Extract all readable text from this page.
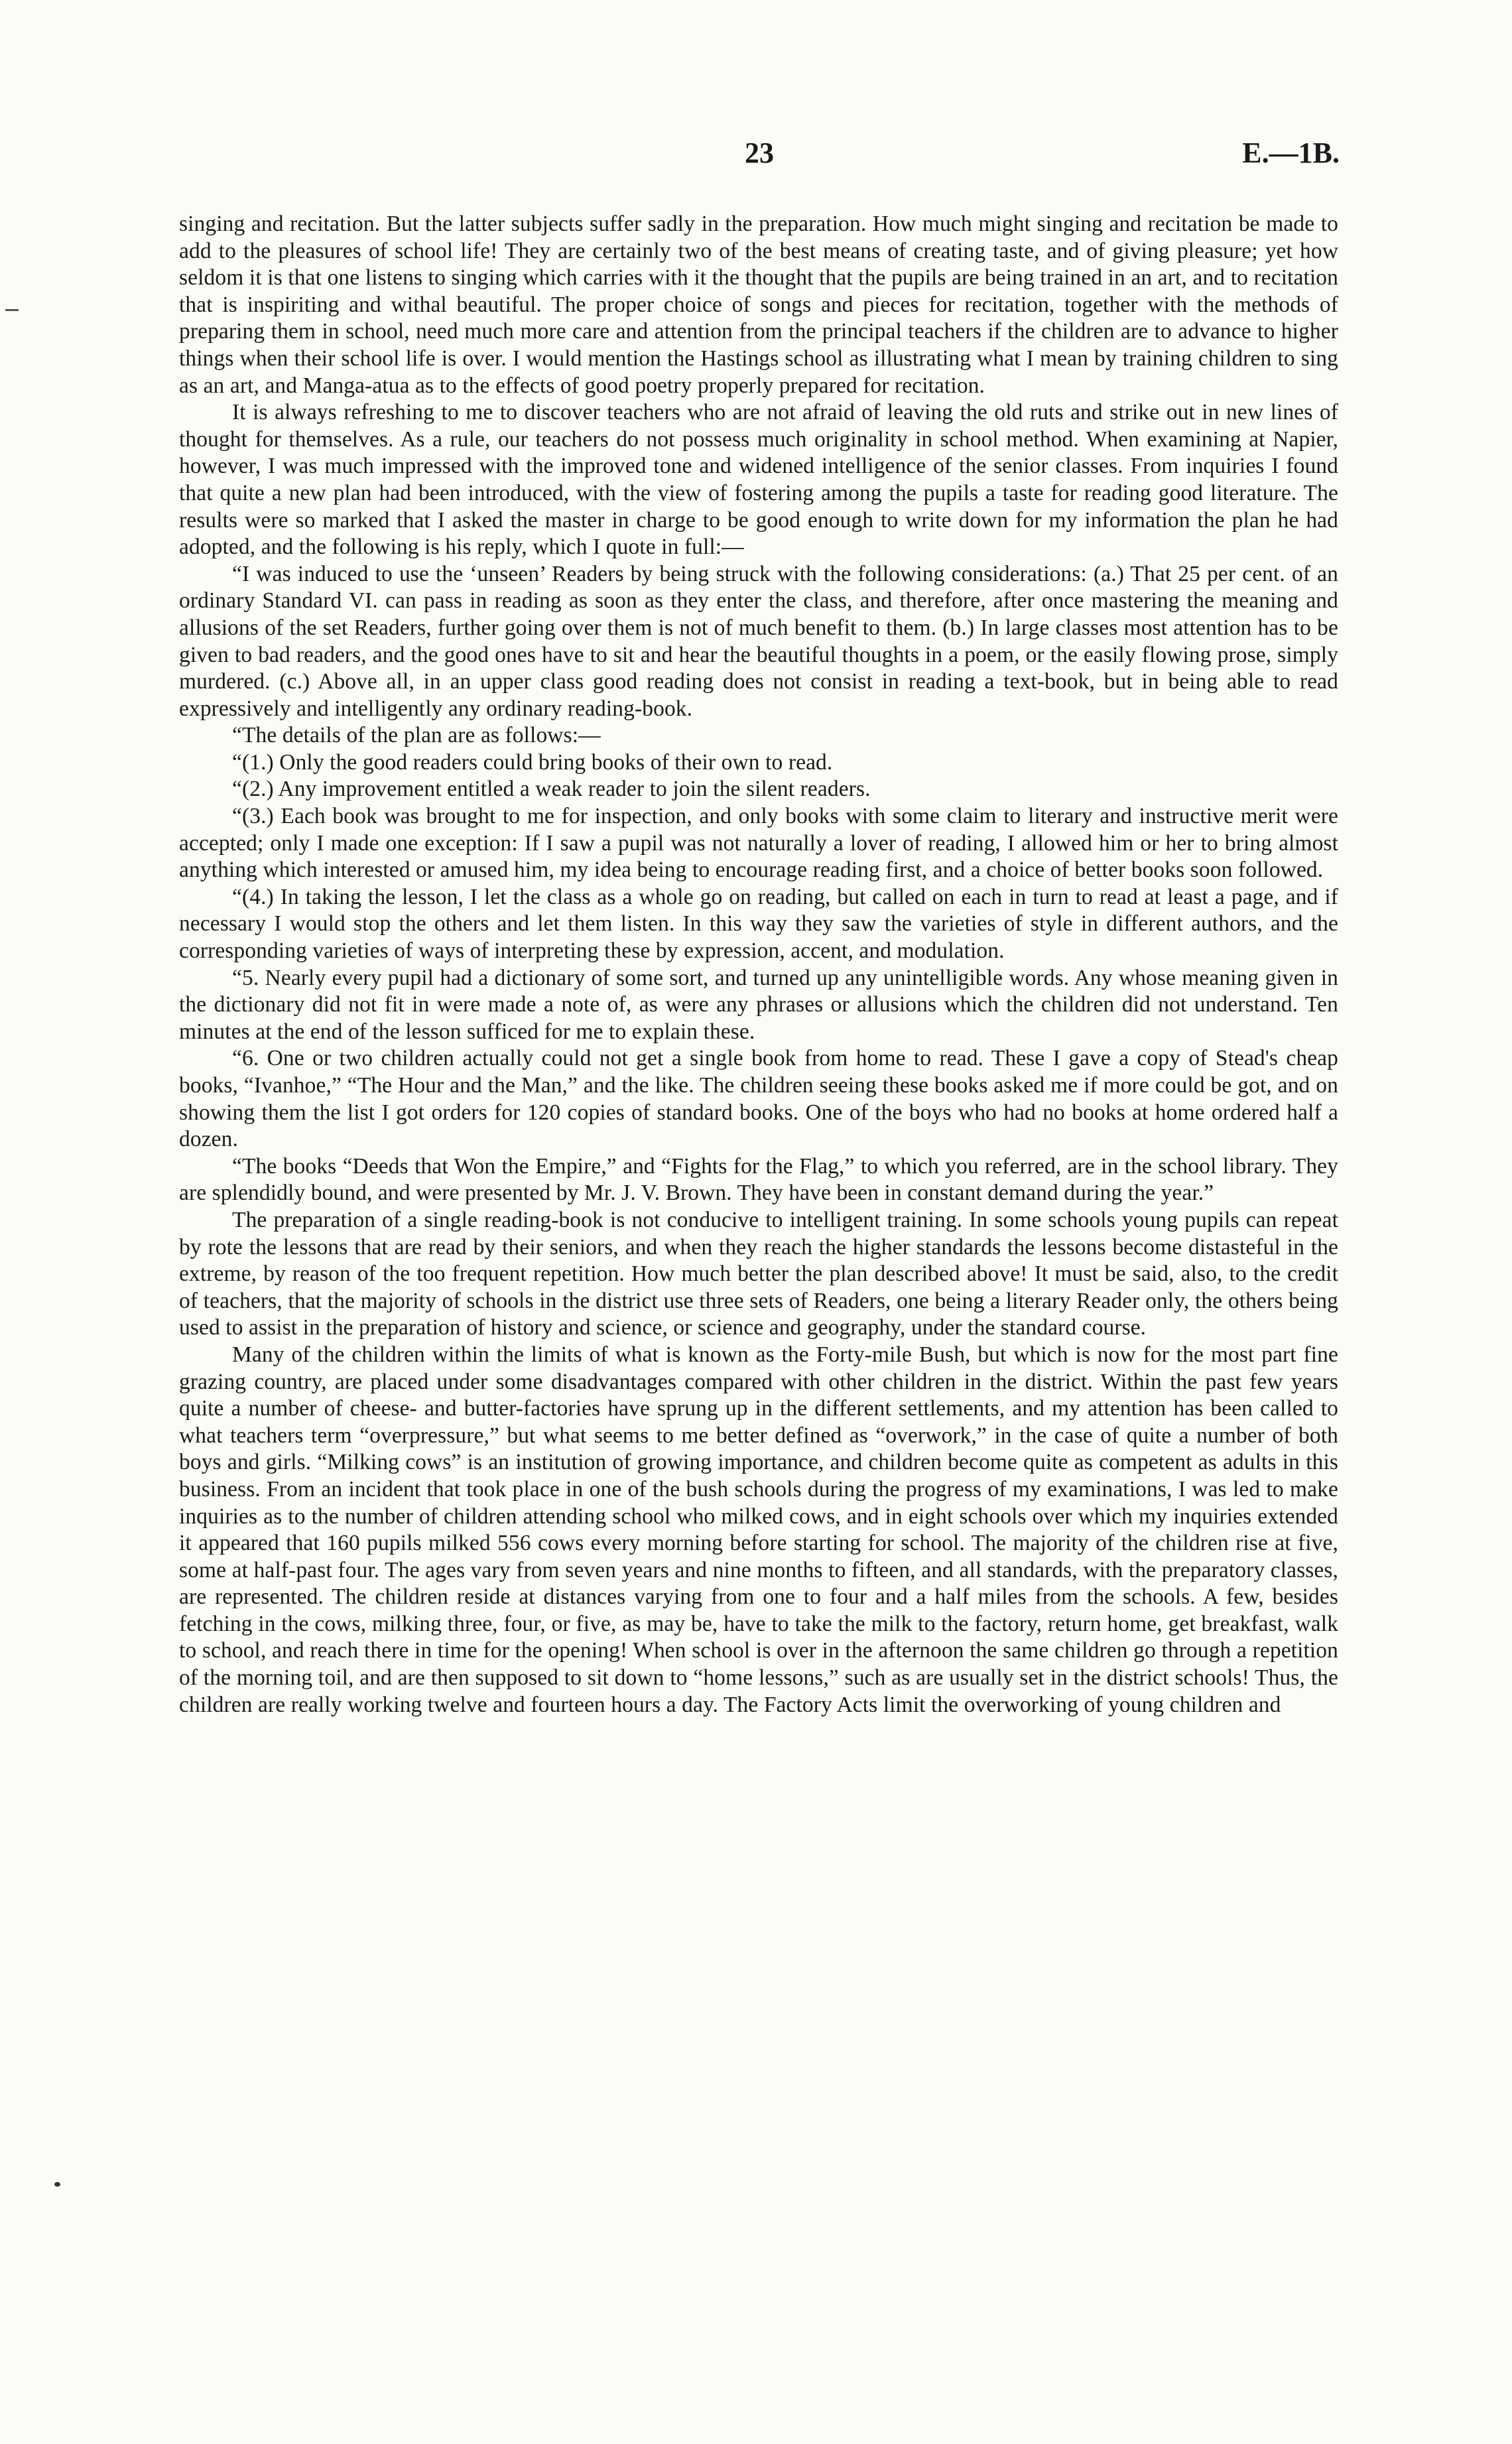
23	E.—1B.

singing and recitation. But the latter subjects suffer sadly in the preparation. How much might singing and recitation be made to add to the pleasures of school life! They are certainly two of the best means of creating taste, and of giving pleasure; yet how seldom it is that one listens to singing which carries with it the thought that the pupils are being trained in an art, and to recitation that is inspiriting and withal beautiful. The proper choice of songs and pieces for recitation, together with the methods of preparing them in school, need much more care and attention from the principal teachers if the children are to advance to higher things when their school life is over. I would mention the Hastings school as illustrating what I mean by training children to sing as an art, and Manga-atua as to the effects of good poetry properly prepared for recitation.

It is always refreshing to me to discover teachers who are not afraid of leaving the old ruts and strike out in new lines of thought for themselves. As a rule, our teachers do not possess much originality in school method. When examining at Napier, however, I was much impressed with the improved tone and widened intelligence of the senior classes. From inquiries I found that quite a new plan had been introduced, with the view of fostering among the pupils a taste for reading good literature. The results were so marked that I asked the master in charge to be good enough to write down for my information the plan he had adopted, and the following is his reply, which I quote in full:—

“I was induced to use the ‘unseen’ Readers by being struck with the following considerations: (a.) That 25 per cent. of an ordinary Standard VI. can pass in reading as soon as they enter the class, and therefore, after once mastering the meaning and allusions of the set Readers, further going over them is not of much benefit to them. (b.) In large classes most attention has to be given to bad readers, and the good ones have to sit and hear the beautiful thoughts in a poem, or the easily flowing prose, simply murdered. (c.) Above all, in an upper class good reading does not consist in reading a text-book, but in being able to read expressively and intelligently any ordinary reading-book.

“The details of the plan are as follows:—

“(1.) Only the good readers could bring books of their own to read.

“(2.) Any improvement entitled a weak reader to join the silent readers.

“(3.) Each book was brought to me for inspection, and only books with some claim to literary and instructive merit were accepted; only I made one exception: If I saw a pupil was not naturally a lover of reading, I allowed him or her to bring almost anything which interested or amused him, my idea being to encourage reading first, and a choice of better books soon followed.

“(4.) In taking the lesson, I let the class as a whole go on reading, but called on each in turn to read at least a page, and if necessary I would stop the others and let them listen. In this way they saw the varieties of style in different authors, and the corresponding varieties of ways of interpreting these by expression, accent, and modulation.

“5. Nearly every pupil had a dictionary of some sort, and turned up any unintelligible words. Any whose meaning given in the dictionary did not fit in were made a note of, as were any phrases or allusions which the children did not understand. Ten minutes at the end of the lesson sufficed for me to explain these.

“6. One or two children actually could not get a single book from home to read. These I gave a copy of Stead's cheap books, “Ivanhoe,” “The Hour and the Man,” and the like. The children seeing these books asked me if more could be got, and on showing them the list I got orders for 120 copies of standard books. One of the boys who had no books at home ordered half a dozen.

“The books “Deeds that Won the Empire,” and “Fights for the Flag,” to which you referred, are in the school library. They are splendidly bound, and were presented by Mr. J. V. Brown. They have been in constant demand during the year.”

The preparation of a single reading-book is not conducive to intelligent training. In some schools young pupils can repeat by rote the lessons that are read by their seniors, and when they reach the higher standards the lessons become distasteful in the extreme, by reason of the too frequent repetition. How much better the plan described above! It must be said, also, to the credit of teachers, that the majority of schools in the district use three sets of Readers, one being a literary Reader only, the others being used to assist in the preparation of history and science, or science and geography, under the standard course.

Many of the children within the limits of what is known as the Forty-mile Bush, but which is now for the most part fine grazing country, are placed under some disadvantages compared with other children in the district. Within the past few years quite a number of cheese- and butter-factories have sprung up in the different settlements, and my attention has been called to what teachers term “overpressure,” but what seems to me better defined as “overwork,” in the case of quite a number of both boys and girls. “Milking cows” is an institution of growing importance, and children become quite as competent as adults in this business. From an incident that took place in one of the bush schools during the progress of my examinations, I was led to make inquiries as to the number of children attending school who milked cows, and in eight schools over which my inquiries extended it appeared that 160 pupils milked 556 cows every morning before starting for school. The majority of the children rise at five, some at half-past four. The ages vary from seven years and nine months to fifteen, and all standards, with the preparatory classes, are represented. The children reside at distances varying from one to four and a half miles from the schools. A few, besides fetching in the cows, milking three, four, or five, as may be, have to take the milk to the factory, return home, get breakfast, walk to school, and reach there in time for the opening! When school is over in the afternoon the same children go through a repetition of the morning toil, and are then supposed to sit down to “home lessons,” such as are usually set in the district schools! Thus, the children are really working twelve and fourteen hours a day. The Factory Acts limit the overworking of young children and
